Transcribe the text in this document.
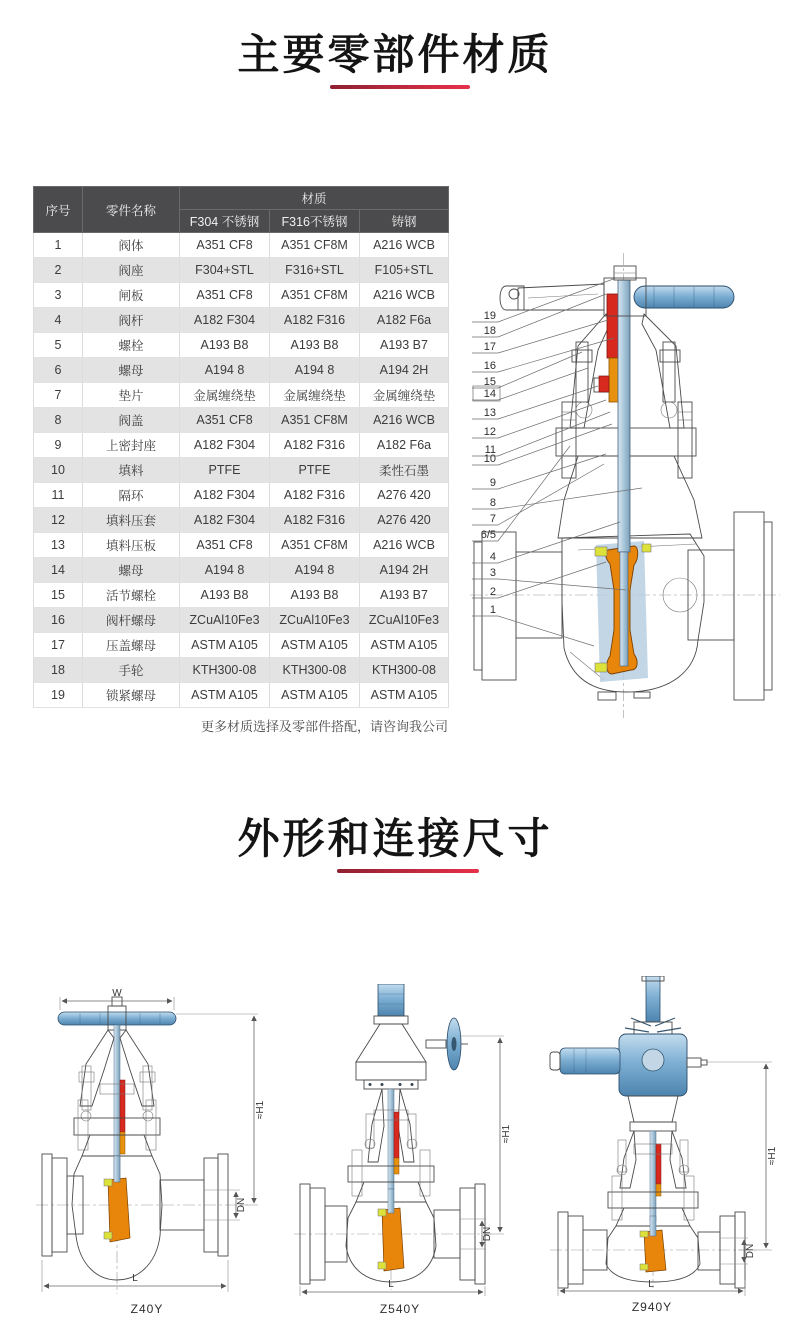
主要零部件材质
序号	零件名称	材质		
		F304 不锈钢	F316不锈钢	铸钢
1	阀体	A351 CF8	A351 CF8M	A216 WCB
2	阀座	F304+STL	F316+STL	F105+STL
3	闸板	A351 CF8	A351 CF8M	A216 WCB
4	阀杆	A182 F304	A182 F316	A182 F6a
5	螺栓	A193 B8	A193 B8	A193 B7
6	螺母	A194 8	A194 8	A194 2H
7	垫片	金属缠绕垫	金属缠绕垫	金属缠绕垫
8	阀盖	A351 CF8	A351 CF8M	A216 WCB
9	上密封座	A182 F304	A182 F316	A182 F6a
10	填料	PTFE	PTFE	柔性石墨
11	隔环	A182 F304	A182 F316	A276 420
12	填料压套	A182 F304	A182 F316	A276 420
13	填料压板	A351 CF8	A351 CF8M	A216 WCB
14	螺母	A194 8	A194 8	A194 2H
15	活节螺栓	A193 B8	A193 B8	A193 B7
16	阀杆螺母	ZCuAl10Fe3	ZCuAl10Fe3	ZCuAl10Fe3
17	压盖螺母	ASTM A105	ASTM A105	ASTM A105
18	手轮	KTH300-08	KTH300-08	KTH300-08
19	锁紧螺母	ASTM A105	ASTM A105	ASTM A105
更多材质选择及零部件搭配，请咨询我公司
19
18
17
16
15
14
13
12
11
10
9
8
7
6/5
4
3
2
1
外形和连接尺寸
W
≈H1
DN
L
Z40Y
≈H1
DN
L
Z540Y
≈H1
DN
L
Z940Y
